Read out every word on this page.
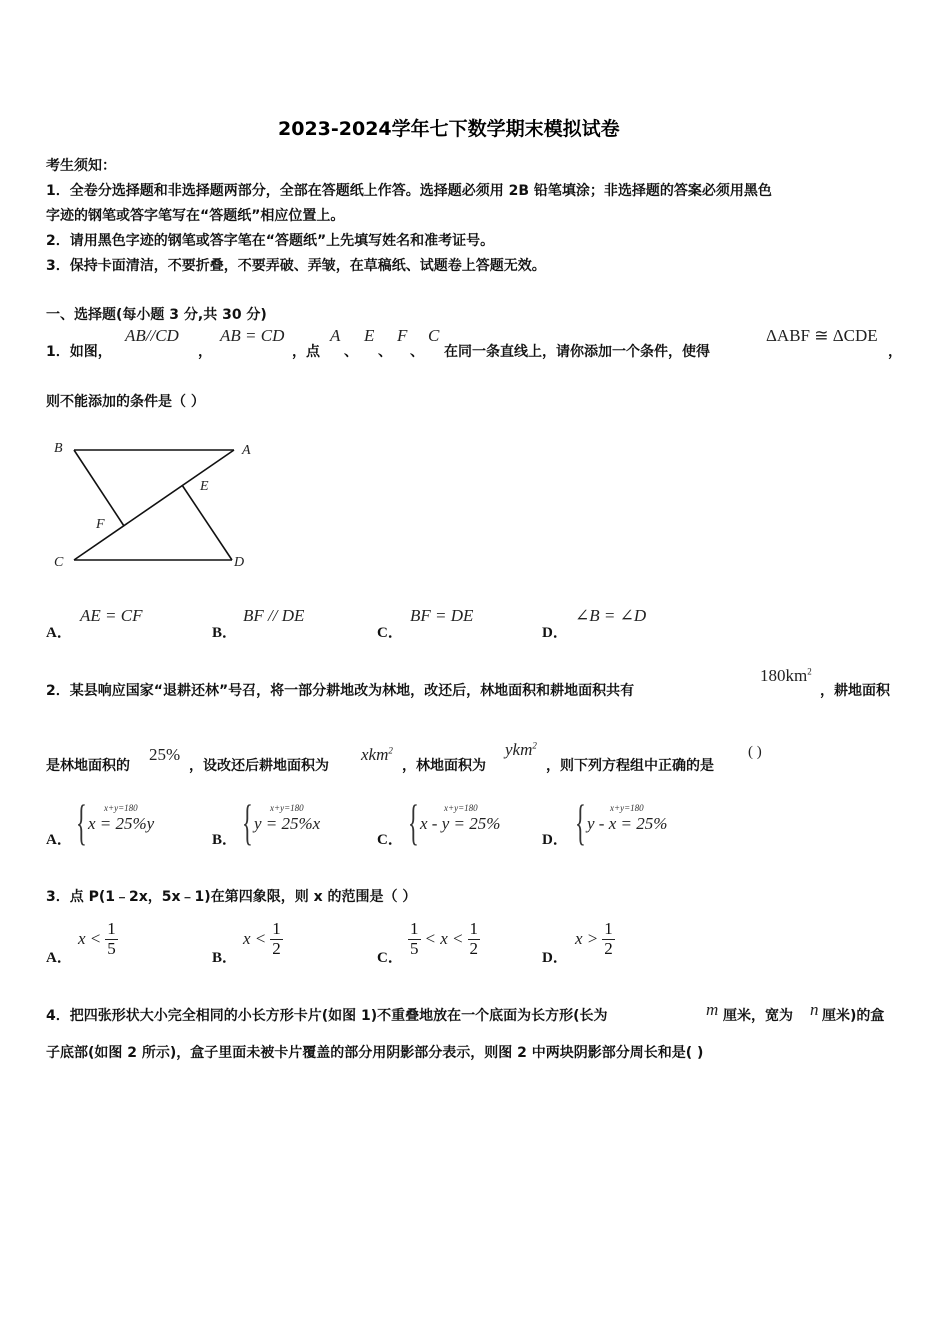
2023-2024学年七下数学期末模拟试卷
考生须知：
1．全卷分选择题和非选择题两部分，全部在答题纸上作答。选择题必须用 2B 铅笔填涂；非选择题的答案必须用黑色
字迹的钢笔或答字笔写在“答题纸”相应位置上。
2．请用黑色字迹的钢笔或答字笔在“答题纸”上先填写姓名和准考证号。
3．保持卡面清洁，不要折叠，不要弄破、弄皱，在草稿纸、试题卷上答题无效。
一、选择题(每小题 3 分,共 30 分)
1．如图，
AB//CD
，
AB = CD
，点
A
、
E
、
F
、
C
在同一条直线上，请你添加一个条件，使得
ΔABF ≅ ΔCDE
，
则不能添加的条件是（ ）
B	A
E
F
C	D
A．
AE = CF
B．
BF // DE
C．
BF = DE
D．
∠B = ∠D
2．某县响应国家“退耕还林”号召，将一部分耕地改为林地，改还后，林地面积和耕地面积共有
$180km^2$
，耕地面积
是林地面积的
25%
，设改还后耕地面积为
xkm$^2$
，林地面积为
ykm$^2$
，则下列方程组中正确的是
( )
A． { x+y=180
x = 25%y
B． { x+y=180
y = 25%x
C． {	x+y=180
x - y = 25%
D． {	x+y=180
y - x = 25%
3．点 P(1﹣2x，5x﹣1)在第四象限，则 x 的范围是（ ）
A．
$x < \frac{1}{5}$	B．
$x < \frac{1}{2}$	C． $\frac{1}{5} < x < \frac{1}{2}$	D．
$x > \frac{1}{2}$
4．把四张形状大小完全相同的小长方形卡片(如图 1)不重叠地放在一个底面为长方形(长为	m 厘米，宽为 n 厘米)的盒
子底部(如图 2 所示)，盒子里面未被卡片覆盖的部分用阴影部分表示，则图 2 中两块阴影部分周长和是( )
